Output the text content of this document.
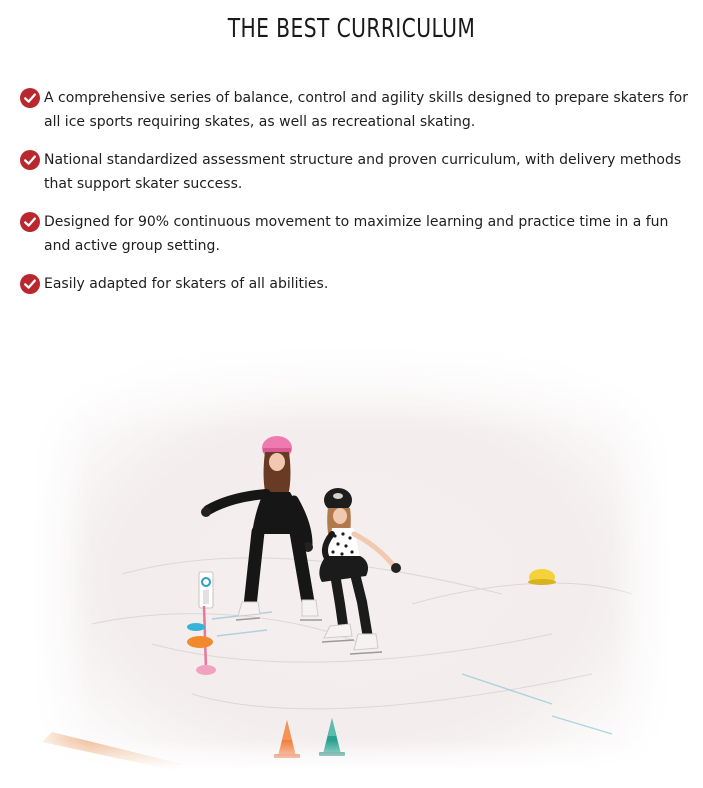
THE BEST CURRICULUM
A comprehensive series of balance, control and agility skills designed to prepare skaters for all ice sports requiring skates, as well as recreational skating.
National standardized assessment structure and proven curriculum, with delivery methods that support skater success.
Designed for 90% continuous movement to maximize learning and practice time in a fun and active group setting.
Easily adapted for skaters of all abilities.
